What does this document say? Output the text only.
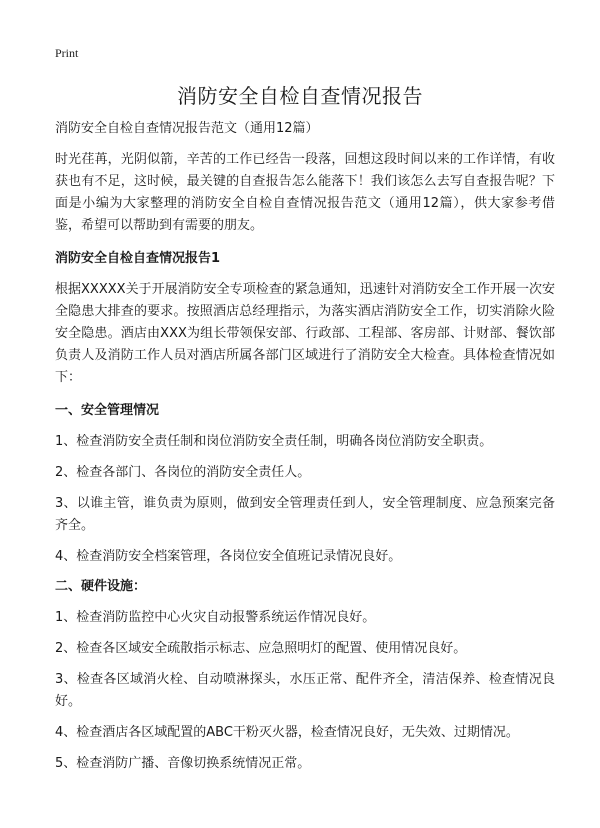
Print
消防安全自检自查情况报告

消防安全自检自查情况报告范文（通用12篇）

时光荏苒，光阴似箭，辛苦的工作已经告一段落，回想这段时间以来的工作详情，有收获也有不足，这时候，最关键的自查报告怎么能落下！我们该怎么去写自查报告呢？下面是小编为大家整理的消防安全自检自查情况报告范文（通用12篇），供大家参考借鉴，希望可以帮助到有需要的朋友。

消防安全自检自查情况报告1

根据XXXXX关于开展消防安全专项检查的紧急通知，迅速针对消防安全工作开展一次安全隐患大排查的要求。按照酒店总经理指示，为落实酒店消防安全工作，切实消除火险安全隐患。酒店由XXX为组长带领保安部、行政部、工程部、客房部、计财部、餐饮部负责人及消防工作人员对酒店所属各部门区域进行了消防安全大检查。具体检查情况如下：

一、安全管理情况

1、检查消防安全责任制和岗位消防安全责任制，明确各岗位消防安全职责。

2、检查各部门、各岗位的消防安全责任人。

3、以谁主管，谁负责为原则，做到安全管理责任到人，安全管理制度、应急预案完备齐全。

4、检查消防安全档案管理，各岗位安全值班记录情况良好。

二、硬件设施：

1、检查消防监控中心火灾自动报警系统运作情况良好。

2、检查各区域安全疏散指示标志、应急照明灯的配置、使用情况良好。

3、检查各区域消火栓、自动喷淋探头，水压正常、配件齐全，清洁保养、检查情况良好。

4、检查酒店各区域配置的ABC干粉灭火器，检查情况良好，无失效、过期情况。

5、检查消防广播、音像切换系统情况正常。
